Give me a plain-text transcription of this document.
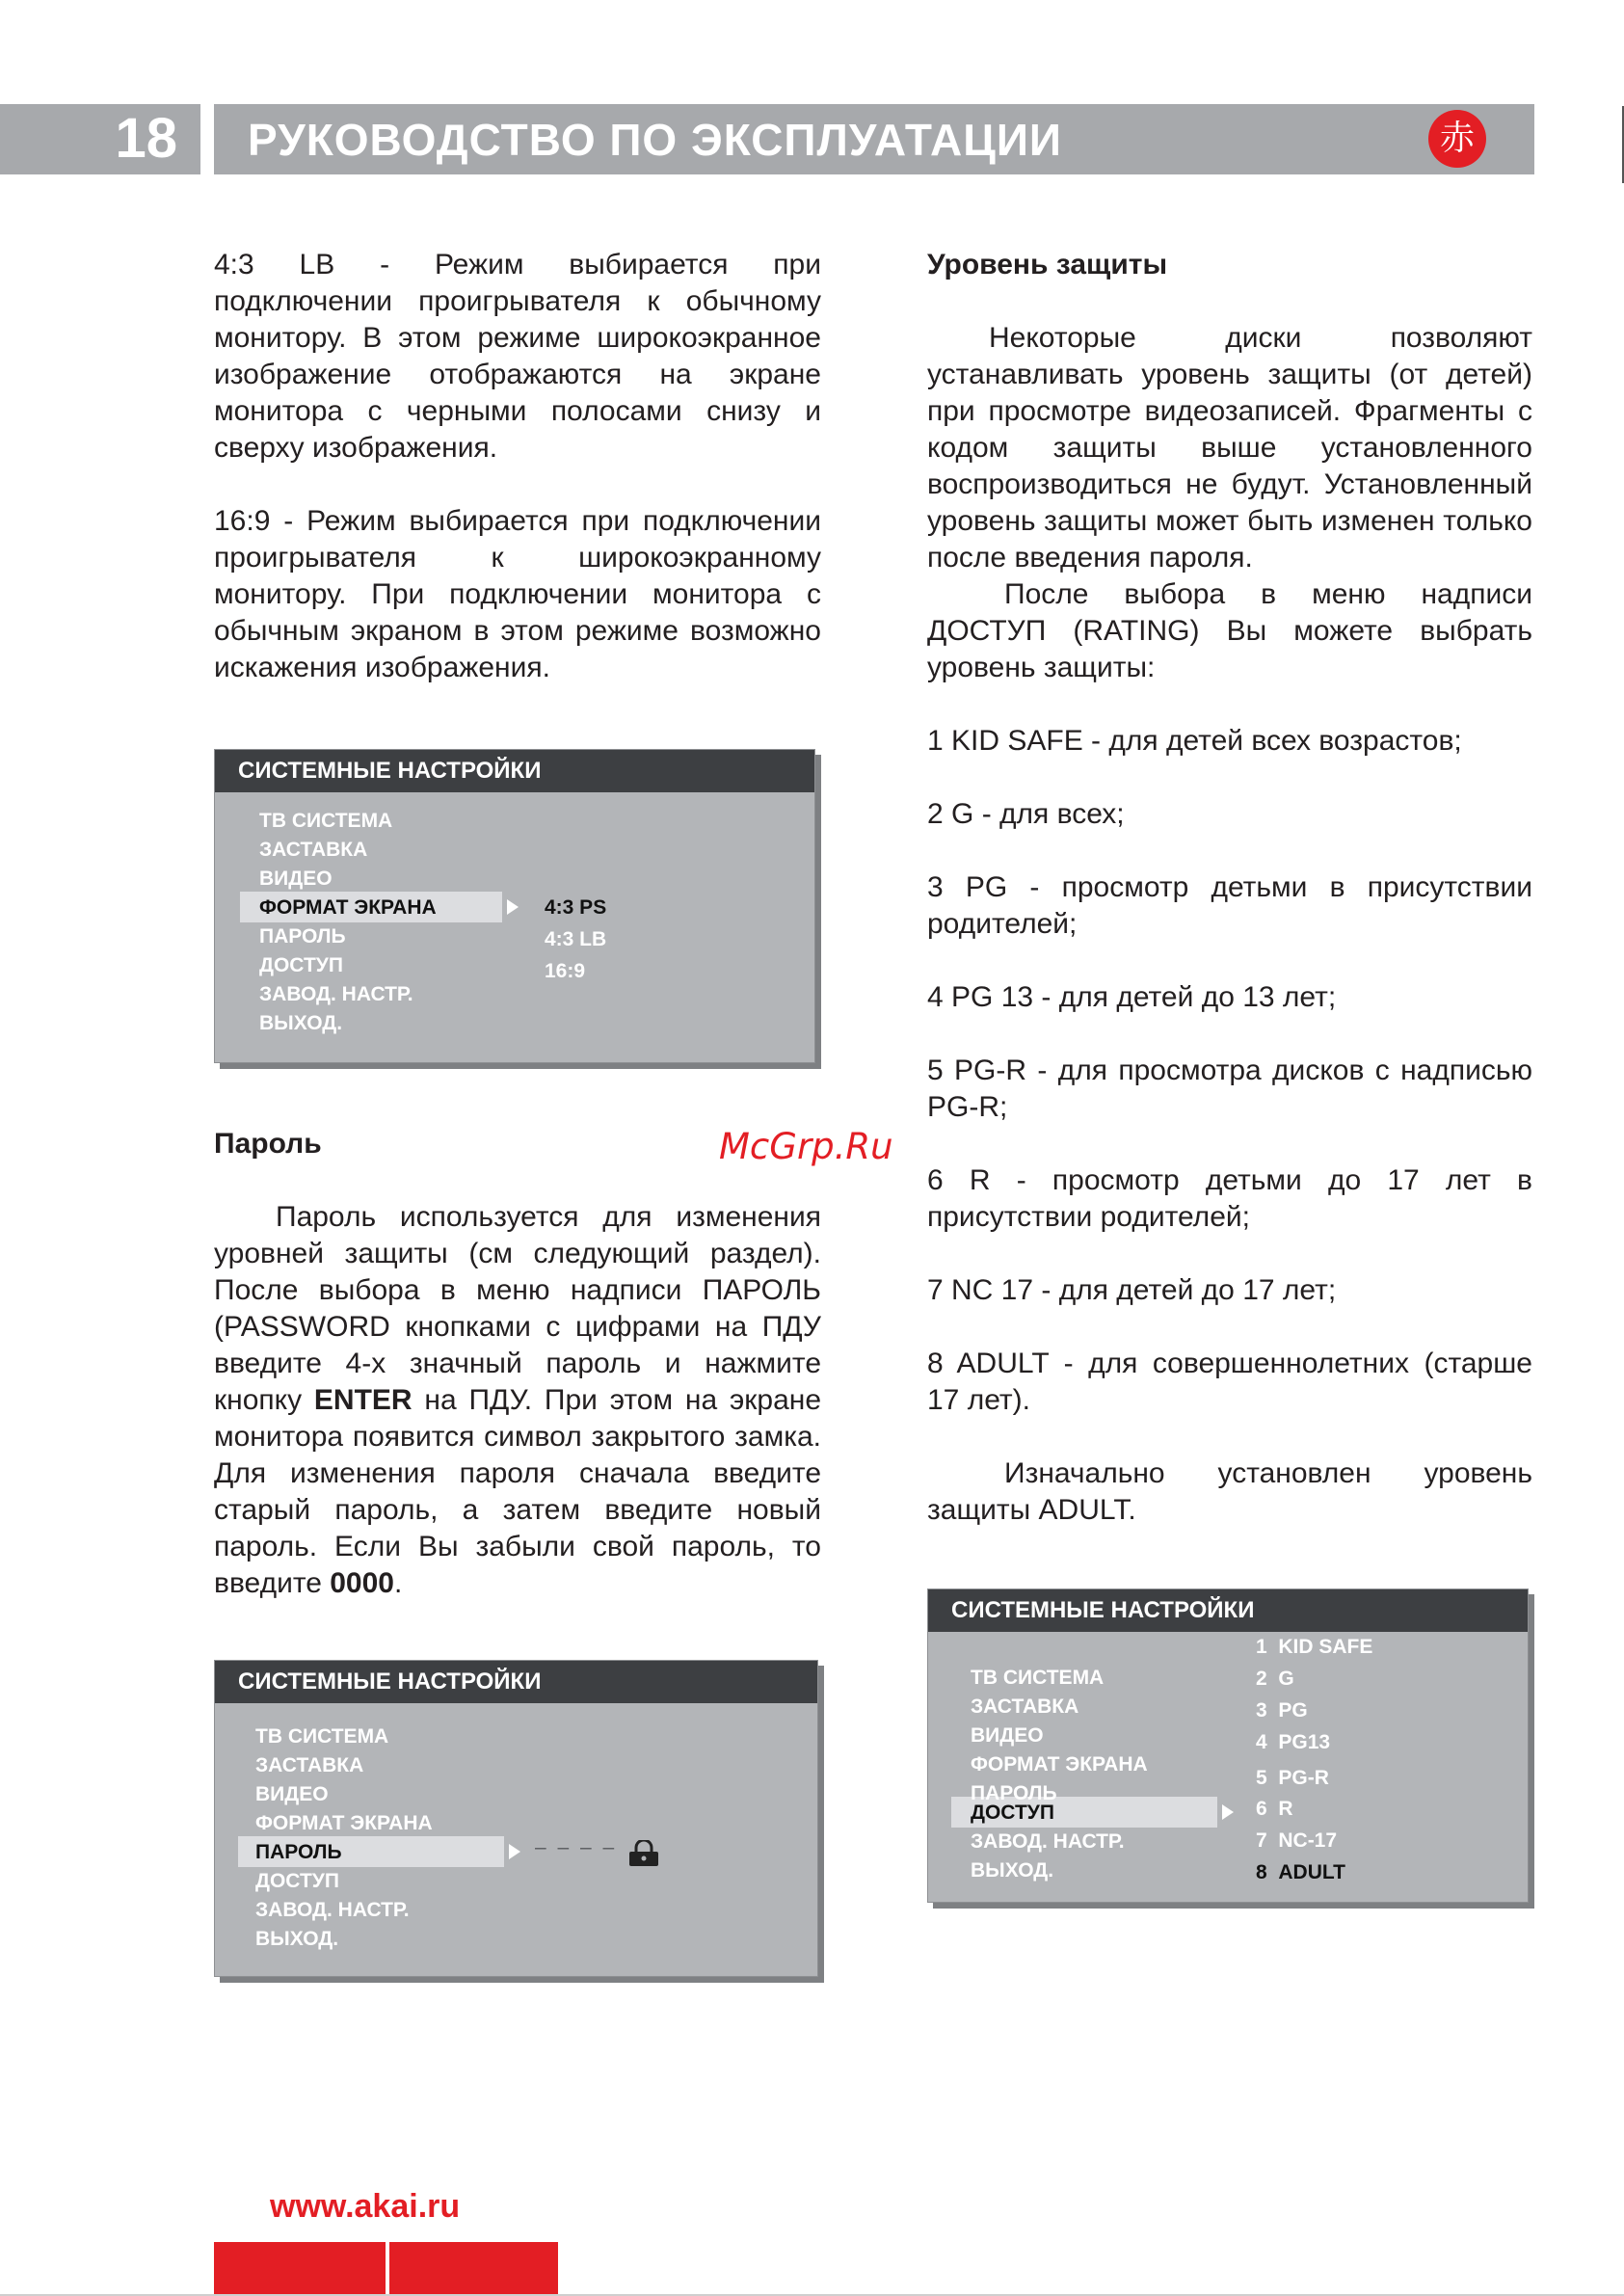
18 РУКОВОДСТВО ПО ЭКСПЛУАТАЦИИ	赤

4:3 LB - Режим выбирается при подключении проигрывателя к обычному монитору. В этом режиме широкоэкранное изображение отображаются на экране монитора с черными полосами снизу и сверху изображения.

16:9 - Режим выбирается при подключении проигрывателя к широкоэкранному монитору. При подключении монитора с обычным экраном в этом режиме возможно искажения изображения.

СИСТЕМНЫЕ НАСТРОЙКИ
ТВ СИСТЕМА
ЗАСТАВКА
ВИДЕО
ФОРМАТ ЭКРАНА
ПАРОЛЬ
ДОСТУП
ЗАВОД. НАСТР.
ВЫХОД.
4:3 PS
4:3 LB
16:9
Пароль

Пароль используется для изменения уровней защиты (см следующий раздел). После выбора в меню надписи ПАРОЛЬ (PASSWORD кнопками с цифрами на ПДУ введите 4-х значный пароль и нажмите кнопку ENTER на ПДУ. При этом на экране монитора появится символ закрытого замка. Для изменения пароля сначала введите старый пароль, а затем введите новый пароль. Если Вы забыли свой пароль, то введите 0000.

СИСТЕМНЫЕ НАСТРОЙКИ
ТВ СИСТЕМА
ЗАСТАВКА
ВИДЕО
ФОРМАТ ЭКРАНА
ПАРОЛЬ
ДОСТУП
ЗАВОД. НАСТР.
ВЫХОД.
– – – –
Уровень защиты

Некоторые диски позволяют устанавливать уровень защиты (от детей) при просмотре видеозаписей. Фрагменты с кодом защиты выше установленного воспроизводиться не будут. Установленный уровень защиты может быть изменен только после введения пароля.

После выбора в меню надписи ДОСТУП (RATING) Вы можете выбрать уровень защиты:

1 KID SAFE - для детей всех возрастов;

2 G - для всех;

3 PG - просмотр детьми в присутствии родителей;

4 PG 13 - для детей до 13 лет;

5 PG-R - для просмотра дисков с надписью PG-R;

6 R - просмотр детьми до 17 лет в присутствии родителей;

7 NC 17 - для детей до 17 лет;

8 ADULT - для совершеннолетних (старше 17 лет).

Изначально установлен уровень защиты ADULT.

СИСТЕМНЫЕ НАСТРОЙКИ
ТВ СИСТЕМА
ЗАСТАВКА
ВИДЕО
ФОРМАТ ЭКРАНА
ПАРОЛЬ
ДОСТУП
ЗАВОД. НАСТР.
ВЫХОД.
1 KID SAFE
2 G
3 PG
4 PG13
5 PG-R
6 R
7 NC-17
8 ADULT
McGrp.Ru
www.akai.ru
